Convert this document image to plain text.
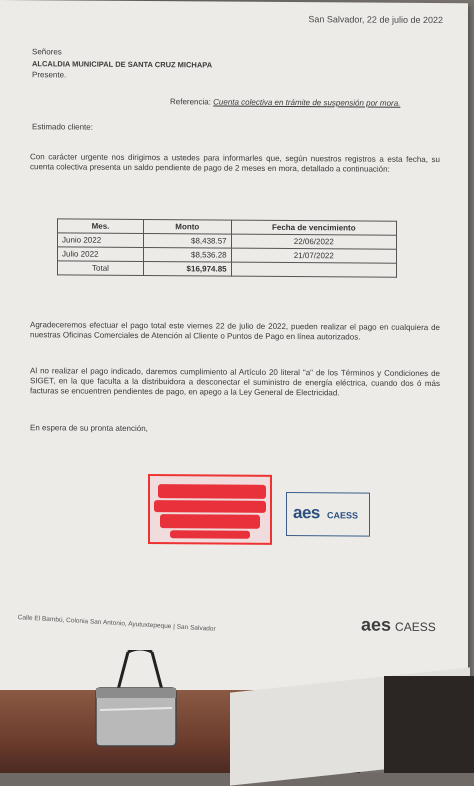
San Salvador, 22 de julio de 2022
Señores
ALCALDIA MUNICIPAL DE SANTA CRUZ MICHAPA
Presente.
Referencia: Cuenta colectiva en trámite de suspensión por mora.
Estimado cliente:
Con carácter urgente nos dirigimos a ustedes para informarles que, según nuestros registros a esta fecha, su cuenta colectiva presenta un saldo pendiente de pago de 2 meses en mora, detallado a continuación:
Mes.	Monto	Fecha de vencimiento
Junio 2022	$8,438.57	22/06/2022
Julio 2022	$8,536.28	21/07/2022
Total	$16,974.85	
Agradeceremos efectuar el pago total este viernes 22 de julio de 2022, pueden realizar el pago en cualquiera de nuestras Oficinas Comerciales de Atención al Cliente o Puntos de Pago en línea autorizados.
Al no realizar el pago indicado, daremos cumplimiento al Artículo 20 literal "a" de los Términos y Condiciones de SIGET, en la que faculta a la distribuidora a desconectar el suministro de energía eléctrica, cuando dos ó más facturas se encuentren pendientes de pago, en apego a la Ley General de Electricidad.
En espera de su pronta atención,
aes CAESS
Calle El Bambú, Colonia San Antonio, Ayutuxtepeque | San Salvador	aes CAESS
